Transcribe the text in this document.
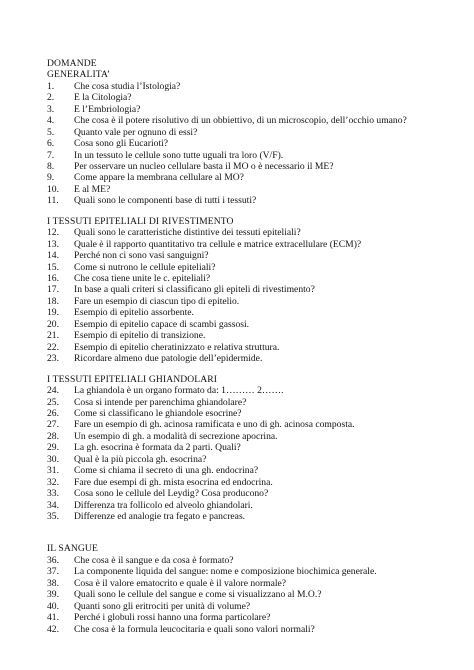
DOMANDE
GENERALITA’
1.	Che cosa studia l’Istologia?
2.	E la Citologia?
3.	E l’Embriologia?
4.	Che cosa è il potere risolutivo di un obbiettivo, di un microscopio, dell’occhio umano?
5.	Quanto vale per ognuno di essi?
6.	Cosa sono gli Eucarioti?
7.	In un tessuto le cellule sono tutte uguali tra loro (V/F).
8.	Per osservare un nucleo cellulare basta il MO o è necessario il ME?
9.	Come appare la membrana cellulare al MO?
10.	E al ME?
11.	Quali sono le componenti base di tutti i tessuti?
I TESSUTI EPITELIALI DI RIVESTIMENTO
12.	Quali sono le caratteristiche distintive dei tessuti epiteliali?
13.	Quale è il rapporto quantitativo tra cellule e matrice extracellulare (ECM)?
14.	Perché non ci sono vasi sanguigni?
15.	Come si nutrono le cellule epiteliali?
16.	Che cosa tiene unite le c. epiteliali?
17.	In base a quali criteri si classificano gli epiteli di rivestimento?
18.	Fare un esempio di ciascun tipo di epitelio.
19.	Esempio di epitelio assorbente.
20.	Esempio di epitelio capace di scambi gassosi.
21.	Esempio di epitelio di transizione.
22.	Esempio di epitelio cheratinizzato e relativa struttura.
23.	Ricordare almeno due patologie dell’epidermide.
I TESSUTI EPITELIALI GHIANDOLARI
24.	La ghiandola è un organo formato da: 1……… 2…….
25.	Cosa si intende per parenchima ghiandolare?
26.	Come si classificano le ghiandole esocrine?
27.	Fare un esempio di gh. acinosa ramificata e uno di gh. acinosa composta.
28.	Un esempio di gh. a modalità di secrezione apocrina.
29.	La gh. esocrina è formata da 2 parti. Quali?
30.	Qual è la più piccola gh. esocrina?
31.	Come si chiama il secreto di una gh. endocrina?
32.	Fare due esempi di gh. mista esocrina ed endocrina.
33.	Cosa sono le cellule del Leydig? Cosa producono?
34.	Differenza tra follicolo ed alveolo ghiandolari.
35.	Differenze ed analogie tra fegato e pancreas.
IL SANGUE
36.	Che cosa è il sangue e da cosa è formato?
37.	La componente liquida del sangue: nome e composizione biochimica generale.
38.	Cosa è il valore ematocrito e quale è il valore normale?
39.	Quali sono le cellule del sangue e come si visualizzano al M.O.?
40.	Quanti sono gli eritrociti per unità di volume?
41.	Perché i globuli rossi hanno una forma particolare?
42.	Che cosa è la formula leucocitaria e quali sono valori normali?
